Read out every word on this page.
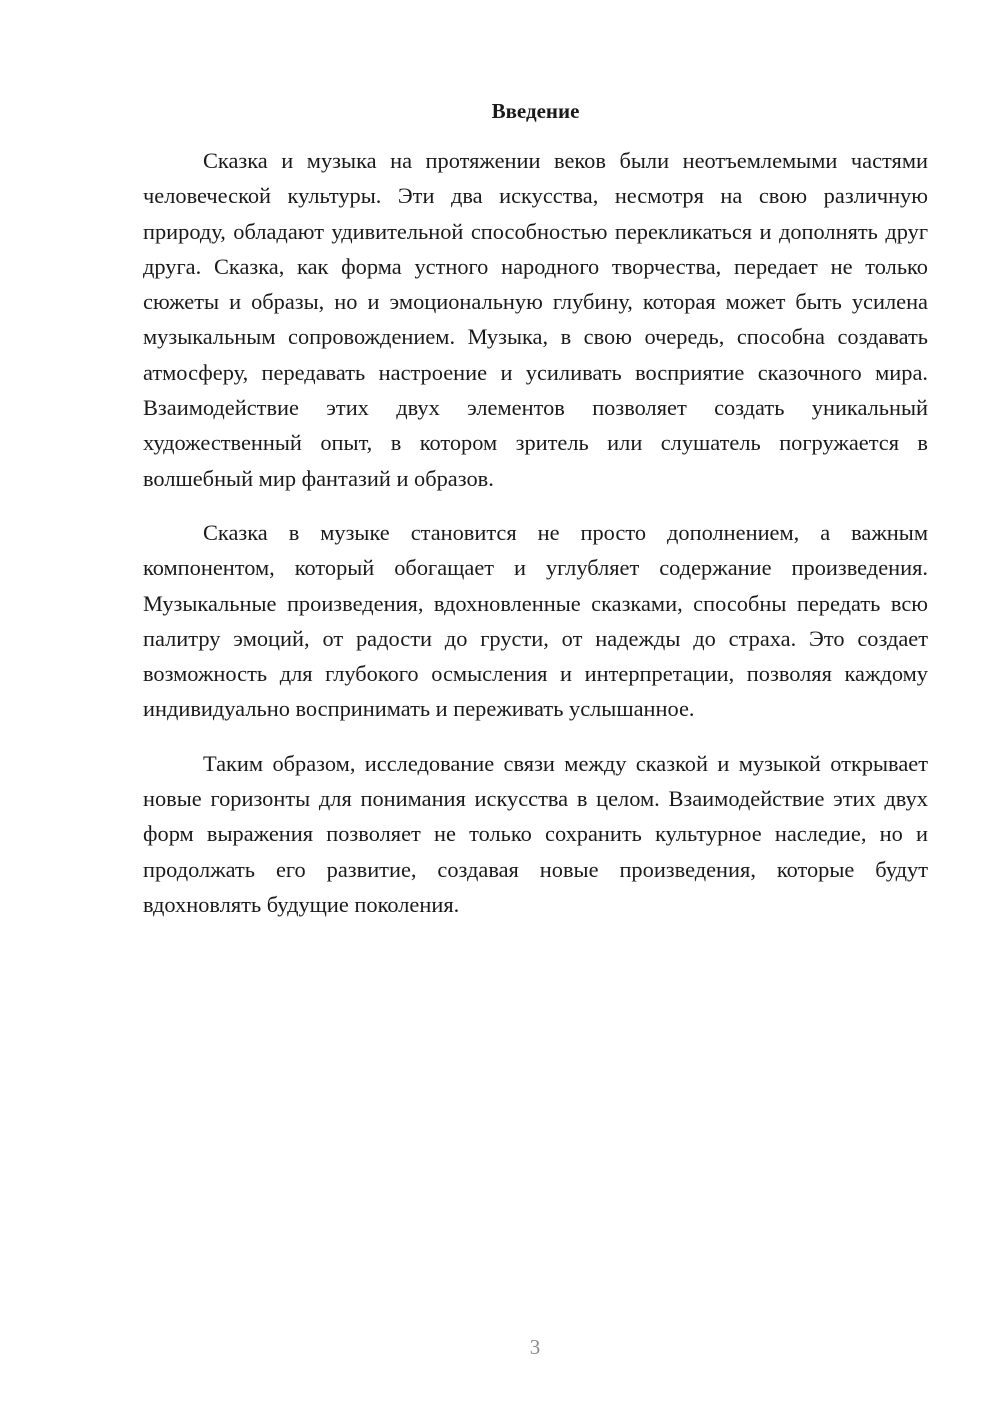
Введение

Сказка и музыка на протяжении веков были неотъемлемыми частями человеческой культуры. Эти два искусства, несмотря на свою различную природу, обладают удивительной способностью перекликаться и дополнять друг друга. Сказка, как форма устного народного творчества, передает не только сюжеты и образы, но и эмоциональную глубину, которая может быть усилена музыкальным сопровождением. Музыка, в свою очередь, способна создавать атмосферу, передавать настроение и усиливать восприятие сказочного мира. Взаимодействие этих двух элементов позволяет создать уникальный художественный опыт, в котором зритель или слушатель погружается в волшебный мир фантазий и образов.

Сказка в музыке становится не просто дополнением, а важным компонентом, который обогащает и углубляет содержание произведения. Музыкальные произведения, вдохновленные сказками, способны передать всю палитру эмоций, от радости до грусти, от надежды до страха. Это создает возможность для глубокого осмысления и интерпретации, позволяя каждому индивидуально воспринимать и переживать услышанное.

Таким образом, исследование связи между сказкой и музыкой открывает новые горизонты для понимания искусства в целом. Взаимодействие этих двух форм выражения позволяет не только сохранить культурное наследие, но и продолжать его развитие, создавая новые произведения, которые будут вдохновлять будущие поколения.

3
